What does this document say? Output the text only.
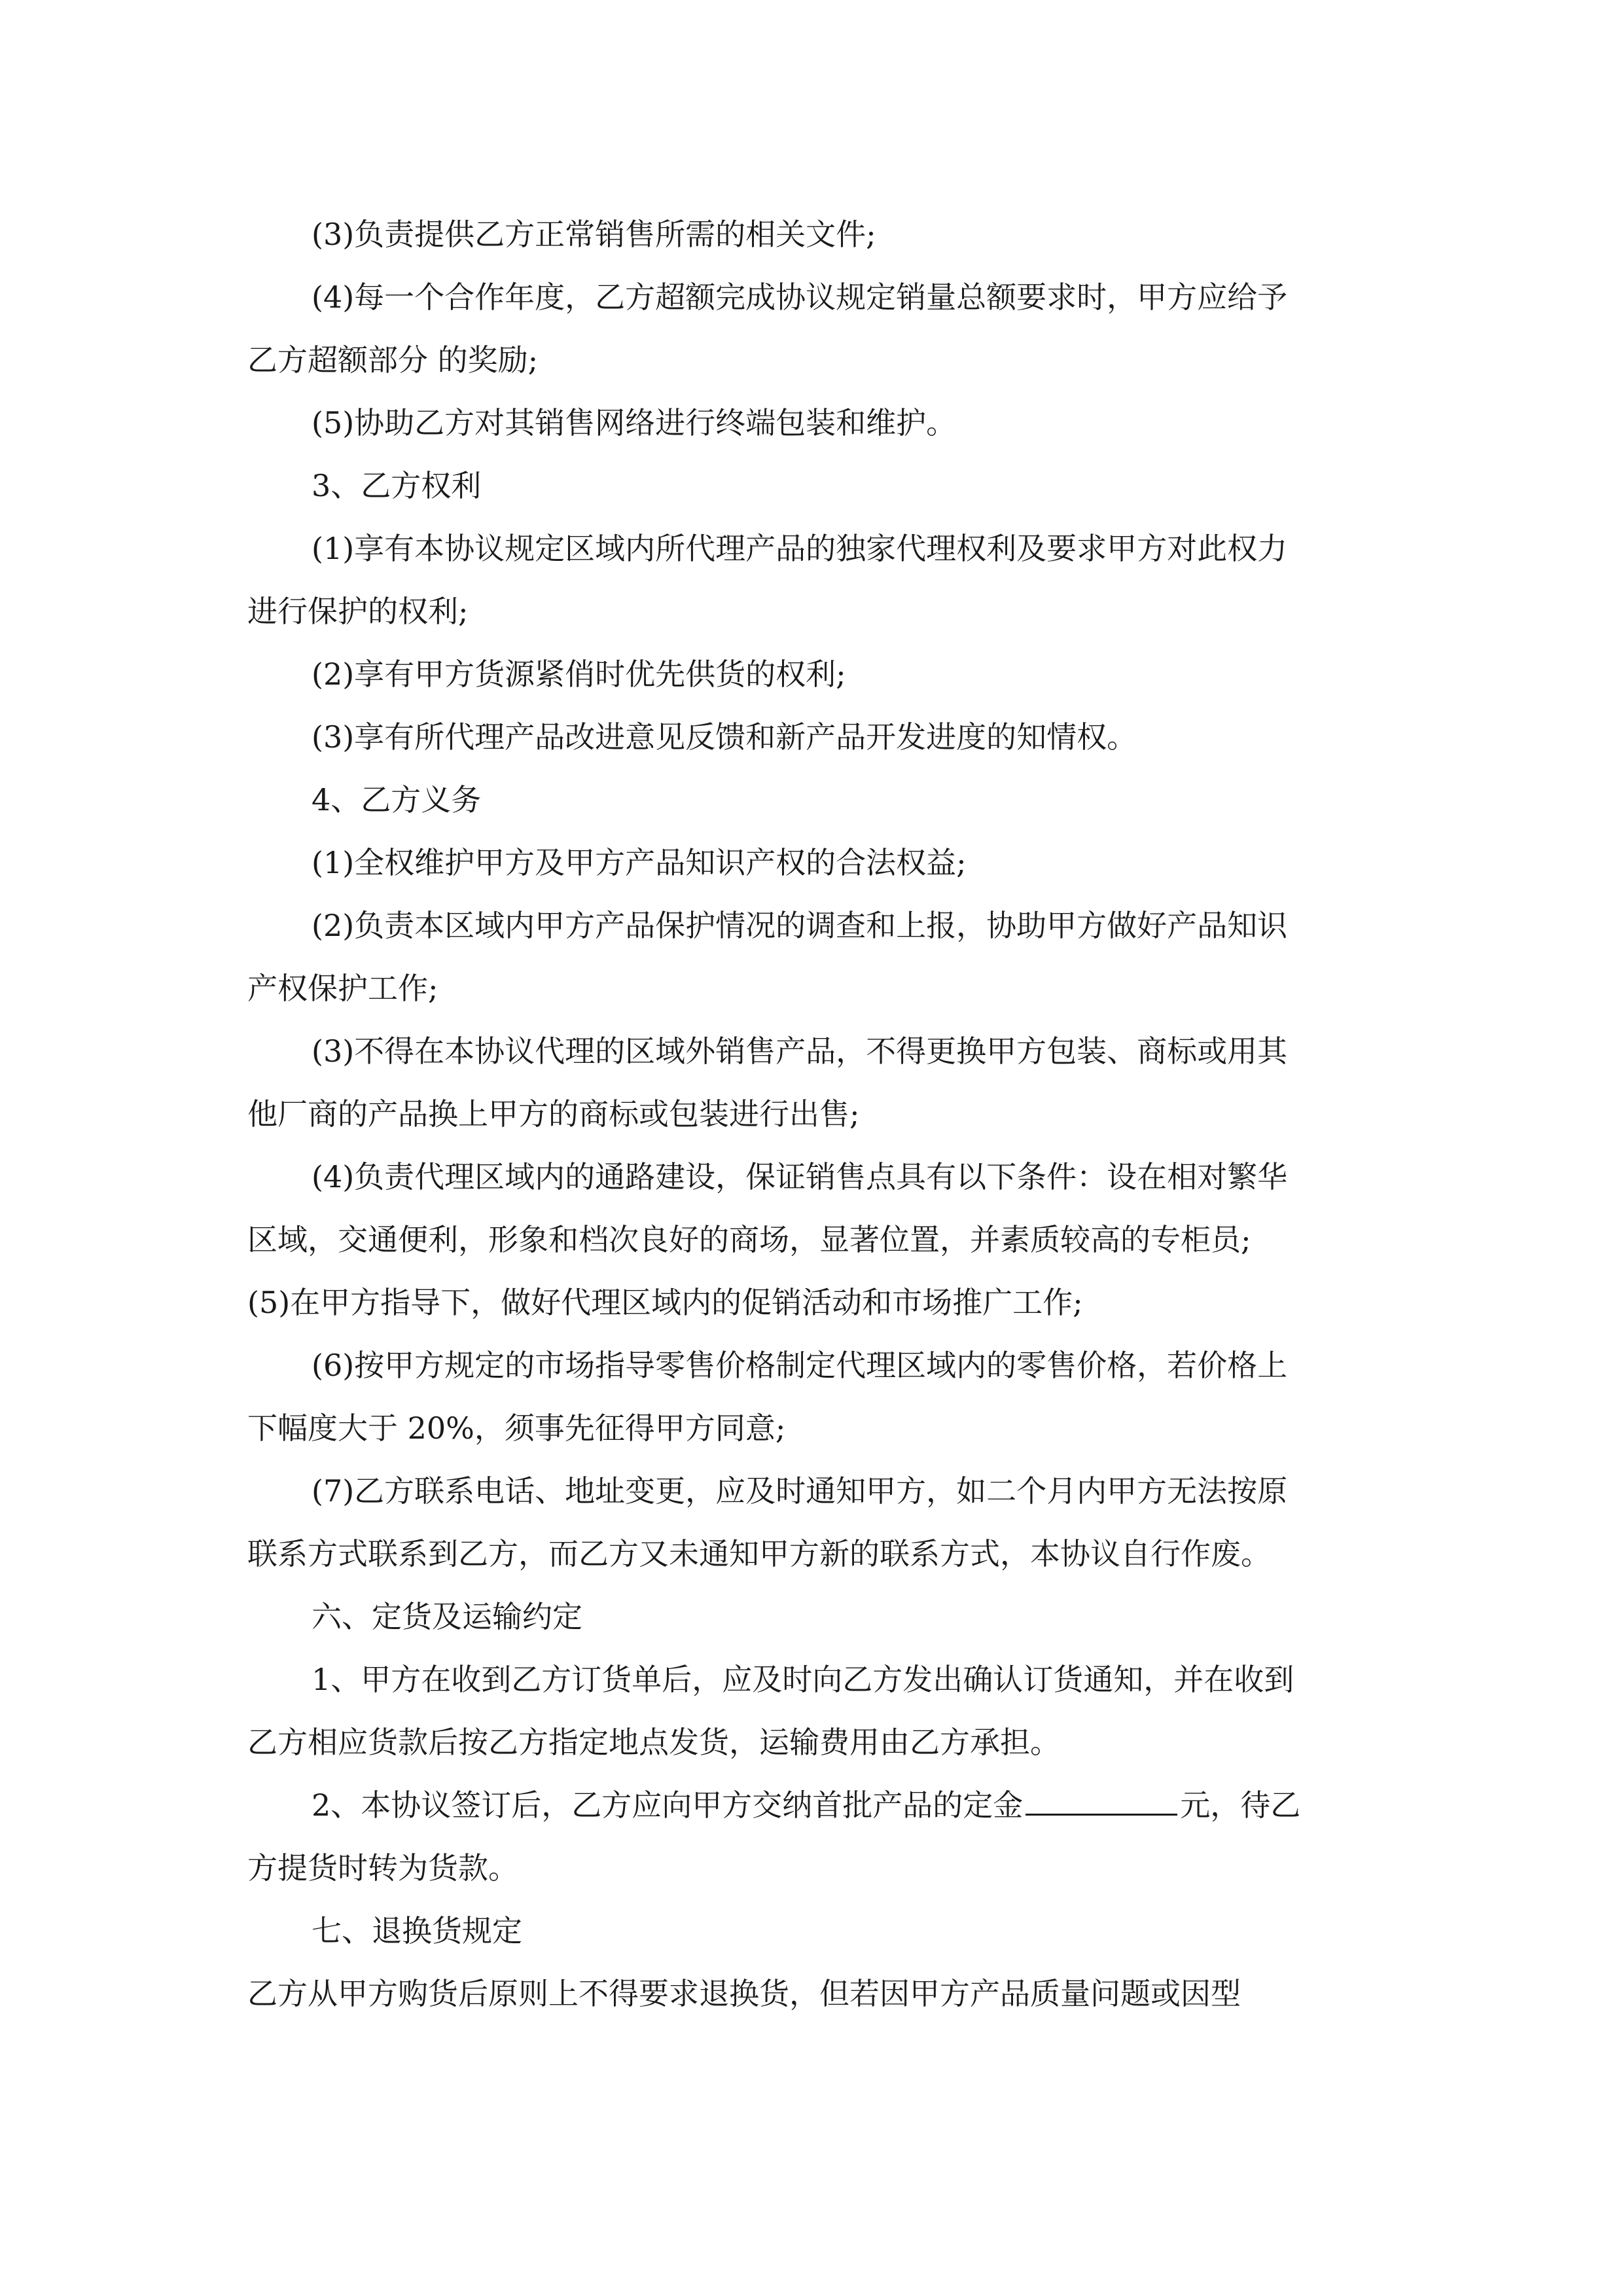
(3)负责提供乙方正常销售所需的相关文件;

(4)每一个合作年度，乙方超额完成协议规定销量总额要求时，甲方应给予

乙方超额部分 的奖励;

(5)协助乙方对其销售网络进行终端包装和维护。

3、乙方权利

(1)享有本协议规定区域内所代理产品的独家代理权利及要求甲方对此权力

进行保护的权利;

(2)享有甲方货源紧俏时优先供货的权利;

(3)享有所代理产品改进意见反馈和新产品开发进度的知情权。

4、乙方义务

(1)全权维护甲方及甲方产品知识产权的合法权益;

(2)负责本区域内甲方产品保护情况的调查和上报，协助甲方做好产品知识

产权保护工作;

(3)不得在本协议代理的区域外销售产品，不得更换甲方包装、商标或用其

他厂商的产品换上甲方的商标或包装进行出售;

(4)负责代理区域内的通路建设，保证销售点具有以下条件：设在相对繁华

区域，交通便利，形象和档次良好的商场，显著位置，并素质较高的专柜员;

(5)在甲方指导下，做好代理区域内的促销活动和市场推广工作;

(6)按甲方规定的市场指导零售价格制定代理区域内的零售价格，若价格上

下幅度大于 20%，须事先征得甲方同意;

(7)乙方联系电话、地址变更，应及时通知甲方，如二个月内甲方无法按原

联系方式联系到乙方，而乙方又未通知甲方新的联系方式，本协议自行作废。

六、定货及运输约定

1、甲方在收到乙方订货单后，应及时向乙方发出确认订货通知，并在收到

乙方相应货款后按乙方指定地点发货，运输费用由乙方承担。

2、本协议签订后，乙方应向甲方交纳首批产品的定金	元，待乙

方提货时转为货款。

七、退换货规定

乙方从甲方购货后原则上不得要求退换货，但若因甲方产品质量问题或因型
